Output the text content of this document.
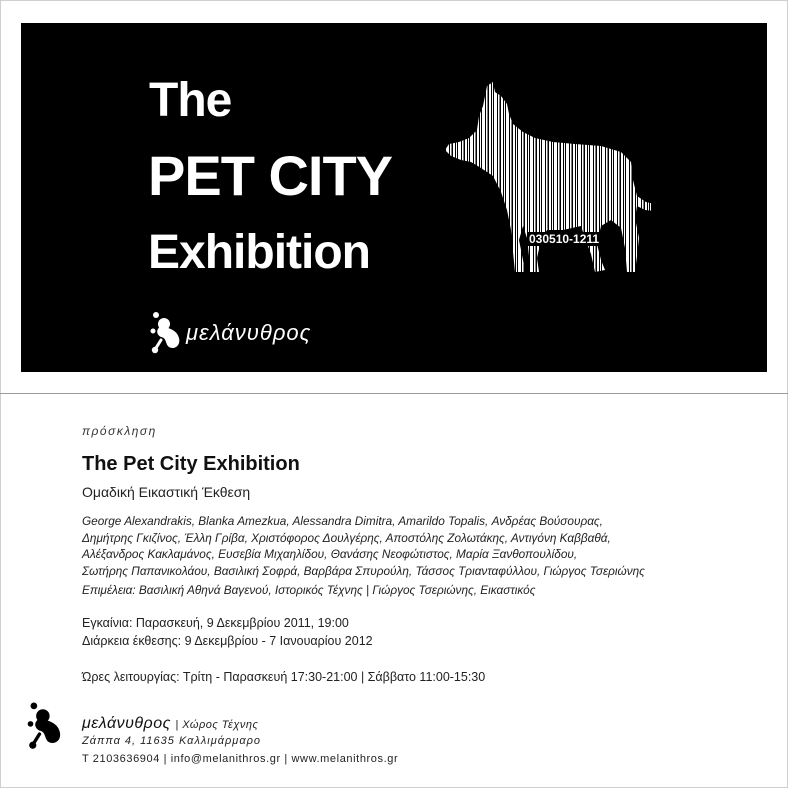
The
PET CITY
Exhibition
μελάνυθρος
030510-1211
πρόσκληση
The Pet City Exhibition
Ομαδική Εικαστική Έκθεση
George Alexandrakis, Blanka Amezkua, Alessandra Dimitra, Amarildo Topalis, Ανδρέας Βούσουρας,
Δημήτρης Γκιζίνος, Έλλη Γρίβα, Χριστόφορος Δουλγέρης, Αποστόλης Ζολωτάκης, Αντιγόνη Καββαθά,
Αλέξανδρος Κακλαμάνος, Ευσεβία Μιχαηλίδου, Θανάσης Νεοφώτιστος, Μαρία Ξανθοπουλίδου,
Σωτήρης Παπανικολάου, Βασιλική Σοφρά, Βαρβάρα Σπυρούλη, Τάσσος Τριανταφύλλου, Γιώργος Τσεριώνης
Επιμέλεια: Βασιλική Αθηνά Βαγενού, Ιστορικός Τέχνης | Γιώργος Τσεριώνης, Εικαστικός
Εγκαίνια: Παρασκευή, 9 Δεκεμβρίου 2011, 19:00
Διάρκεια έκθεσης: 9 Δεκεμβρίου - 7 Ιανουαρίου 2012
Ώρες λειτουργίας: Τρίτη - Παρασκευή 17:30-21:00 | Σάββατο 11:00-15:30
μελάνυθρος | Χώρος Τέχνης
Ζάππα 4, 11635 Καλλιμάρμαρο
T 2103636904 | info@melanithros.gr | www.melanithros.gr
